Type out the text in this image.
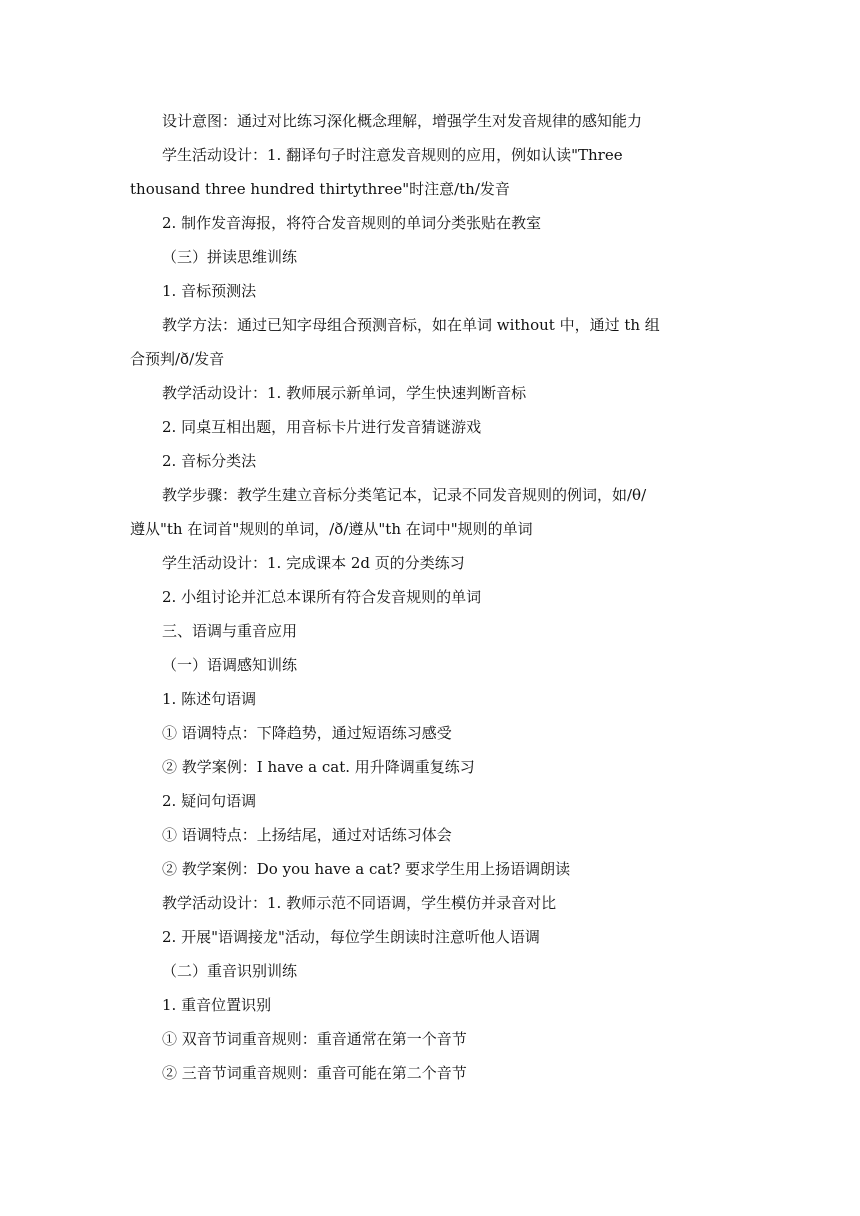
设计意图：通过对比练习深化概念理解，增强学生对发音规律的感知能力
学生活动设计：1. 翻译句子时注意发音规则的应用，例如认读"Three
thousand three hundred thirtythree"时注意/th/发音
2. 制作发音海报，将符合发音规则的单词分类张贴在教室
（三）拼读思维训练
1. 音标预测法
教学方法：通过已知字母组合预测音标，如在单词 without 中，通过 th 组
合预判/ð/发音
教学活动设计：1. 教师展示新单词，学生快速判断音标
2. 同桌互相出题，用音标卡片进行发音猜谜游戏
2. 音标分类法
教学步骤：教学生建立音标分类笔记本，记录不同发音规则的例词，如/θ/
遵从"th 在词首"规则的单词，/ð/遵从"th 在词中"规则的单词
学生活动设计：1. 完成课本 2d 页的分类练习
2. 小组讨论并汇总本课所有符合发音规则的单词
三、语调与重音应用
（一）语调感知训练
1. 陈述句语调
① 语调特点：下降趋势，通过短语练习感受
② 教学案例：I have a cat. 用升降调重复练习
2. 疑问句语调
① 语调特点：上扬结尾，通过对话练习体会
② 教学案例：Do you have a cat? 要求学生用上扬语调朗读
教学活动设计：1. 教师示范不同语调，学生模仿并录音对比
2. 开展"语调接龙"活动，每位学生朗读时注意听他人语调
（二）重音识别训练
1. 重音位置识别
① 双音节词重音规则：重音通常在第一个音节
② 三音节词重音规则：重音可能在第二个音节
